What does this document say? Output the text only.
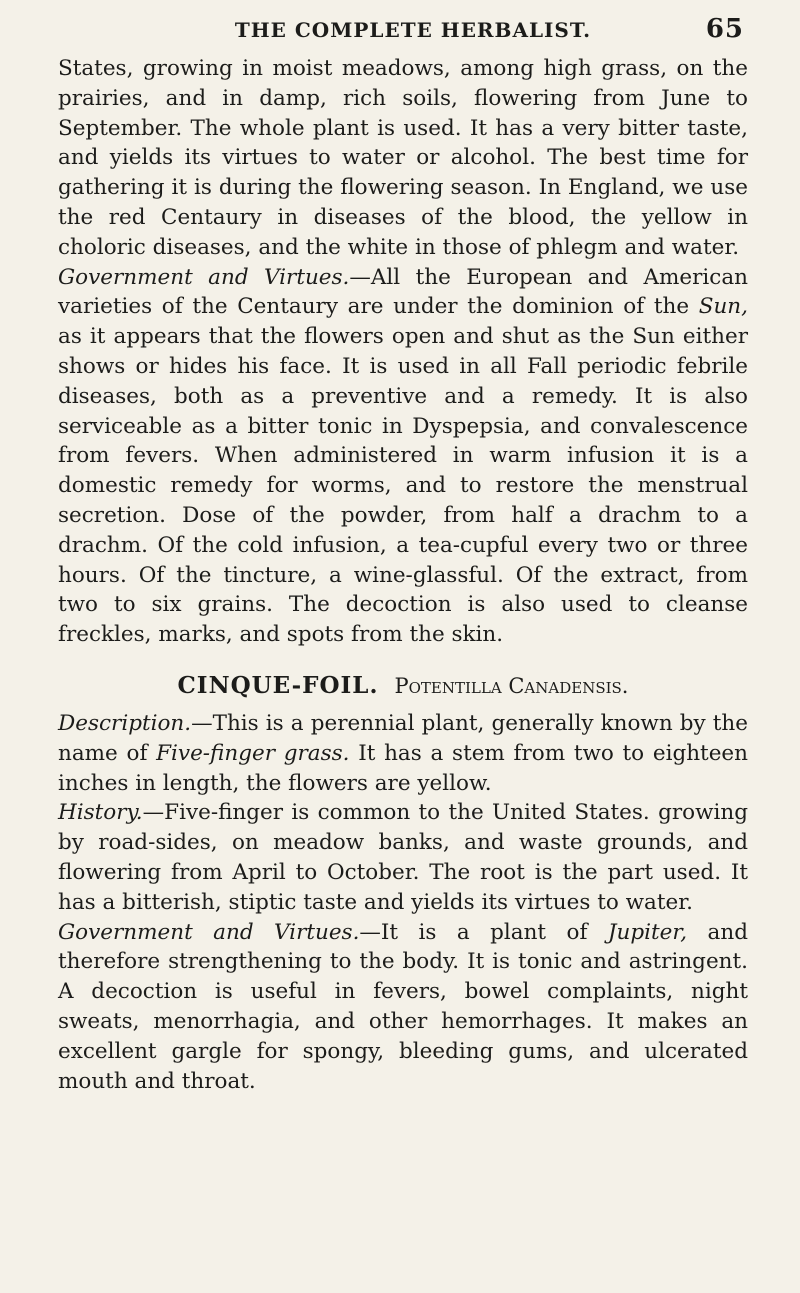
THE COMPLETE HERBALIST.	65

States, growing in moist meadows, among high grass, on the prairies, and in damp, rich soils, flowering from June to September. The whole plant is used. It has a very bitter taste, and yields its virtues to water or alcohol. The best time for gathering it is during the flowering season. In England, we use the red Centaury in diseases of the blood, the yellow in choloric diseases, and the white in those of phlegm and water.

Government and Virtues.—All the European and American varieties of the Centaury are under the dominion of the Sun, as it appears that the flowers open and shut as the Sun either shows or hides his face. It is used in all Fall periodic febrile diseases, both as a preventive and a remedy. It is also serviceable as a bitter tonic in Dyspepsia, and convalescence from fevers. When administered in warm infusion it is a domestic remedy for worms, and to restore the menstrual secretion. Dose of the powder, from half a drachm to a drachm. Of the cold infusion, a tea-cupful every two or three hours. Of the tincture, a wine-glassful. Of the extract, from two to six grains. The decoction is also used to cleanse freckles, marks, and spots from the skin.

CINQUE-FOIL. Potentilla Canadensis.

Description.—This is a perennial plant, generally known by the name of Five-finger grass. It has a stem from two to eighteen inches in length, the flowers are yellow.

History.—Five-finger is common to the United States. growing by road-sides, on meadow banks, and waste grounds, and flowering from April to October. The root is the part used. It has a bitterish, stiptic taste and yields its virtues to water.

Government and Virtues.—It is a plant of Jupiter, and therefore strengthening to the body. It is tonic and astringent. A decoction is useful in fevers, bowel complaints, night sweats, menorrhagia, and other hemorrhages. It makes an excellent gargle for spongy, bleeding gums, and ulcerated mouth and throat.
